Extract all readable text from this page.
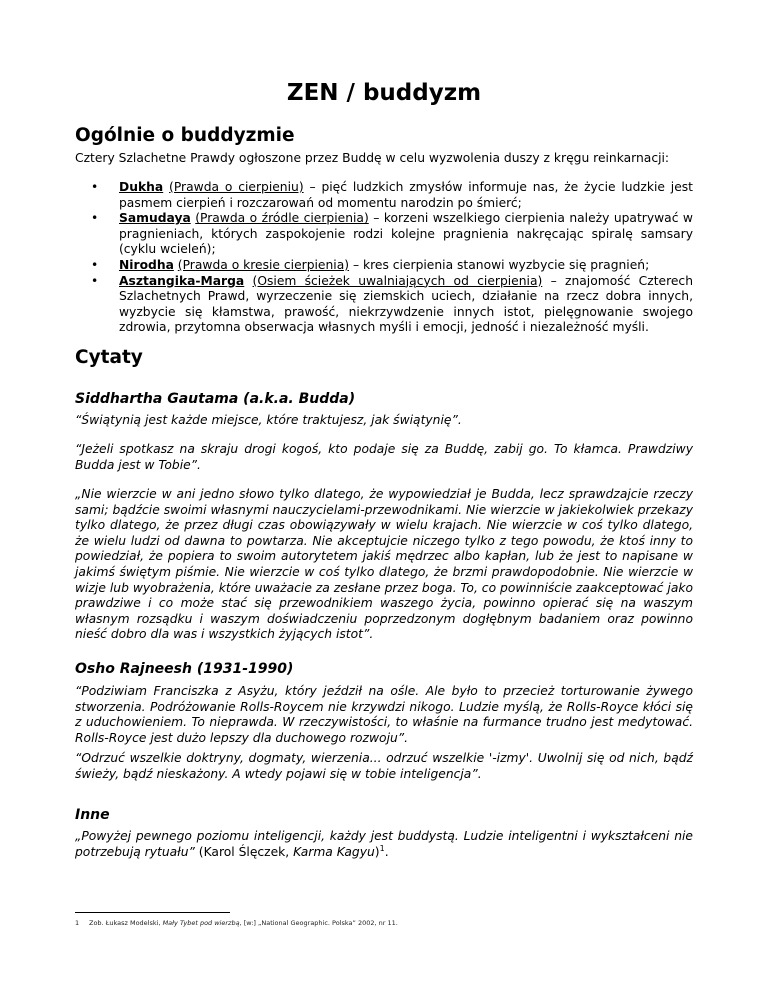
ZEN / buddyzm
Ogólnie o buddyzmie
Cztery Szlachetne Prawdy ogłoszone przez Buddę w celu wyzwolenia duszy z kręgu reinkarnacji:
• Dukha (Prawda o cierpieniu) – pięć ludzkich zmysłów informuje nas, że życie ludzkie jest pasmem cierpień i rozczarowań od momentu narodzin po śmierć;
• Samudaya (Prawda o źródle cierpienia) – korzeni wszelkiego cierpienia należy upatrywać w pragnieniach, których zaspokojenie rodzi kolejne pragnienia nakręcając spiralę samsary (cyklu wcieleń);
• Nirodha (Prawda o kresie cierpienia) – kres cierpienia stanowi wyzbycie się pragnień;
• Asztangika-Marga (Osiem ścieżek uwalniających od cierpienia) – znajomość Czterech Szlachetnych Prawd, wyrzeczenie się ziemskich uciech, działanie na rzecz dobra innych, wyzbycie się kłamstwa, prawość, niekrzywdzenie innych istot, pielęgnowanie swojego zdrowia, przytomna obserwacja własnych myśli i emocji, jedność i niezależność myśli.
Cytaty
Siddhartha Gautama (a.k.a. Budda)
“Świątynią jest każde miejsce, które traktujesz, jak świątynię”.
“Jeżeli spotkasz na skraju drogi kogoś, kto podaje się za Buddę, zabij go. To kłamca. Prawdziwy Budda jest w Tobie”.
„Nie wierzcie w ani jedno słowo tylko dlatego, że wypowiedział je Budda, lecz sprawdzajcie rzeczy sami; bądźcie swoimi własnymi nauczycielami-przewodnikami. Nie wierzcie w jakiekolwiek przekazy tylko dlatego, że przez długi czas obowiązywały w wielu krajach. Nie wierzcie w coś tylko dlatego, że wielu ludzi od dawna to powtarza. Nie akceptujcie niczego tylko z tego powodu, że ktoś inny to powiedział, że popiera to swoim autorytetem jakiś mędrzec albo kapłan, lub że jest to napisane w jakimś świętym piśmie. Nie wierzcie w coś tylko dlatego, że brzmi prawdopodobnie. Nie wierzcie w wizje lub wyobrażenia, które uważacie za zesłane przez boga. To, co powinniście zaakceptować jako prawdziwe i co może stać się przewodnikiem waszego życia, powinno opierać się na waszym własnym rozsądku i waszym doświadczeniu poprzedzonym dogłębnym badaniem oraz powinno nieść dobro dla was i wszystkich żyjących istot”.
Osho Rajneesh (1931-1990)
“Podziwiam Franciszka z Asyżu, który jeździł na ośle. Ale było to przecież torturowanie żywego stworzenia. Podróżowanie Rolls-Roycem nie krzywdzi nikogo. Ludzie myślą, że Rolls-Royce kłóci się z uduchowieniem. To nieprawda. W rzeczywistości, to właśnie na furmance trudno jest medytować. Rolls-Royce jest dużo lepszy dla duchowego rozwoju”.
“Odrzuć wszelkie doktryny, dogmaty, wierzenia... odrzuć wszelkie '-izmy'. Uwolnij się od nich, bądź świeży, bądź nieskażony. A wtedy pojawi się w tobie inteligencja”.
Inne
„Powyżej pewnego poziomu inteligencji, każdy jest buddystą. Ludzie inteligentni i wykształceni nie potrzebują rytuału” (Karol Ślęczek, Karma Kagyu)$^1$.
1 Zob. Łukasz Modelski, Mały Tybet pod wierzbą, [w:] „National Geographic. Polska” 2002, nr 11.
